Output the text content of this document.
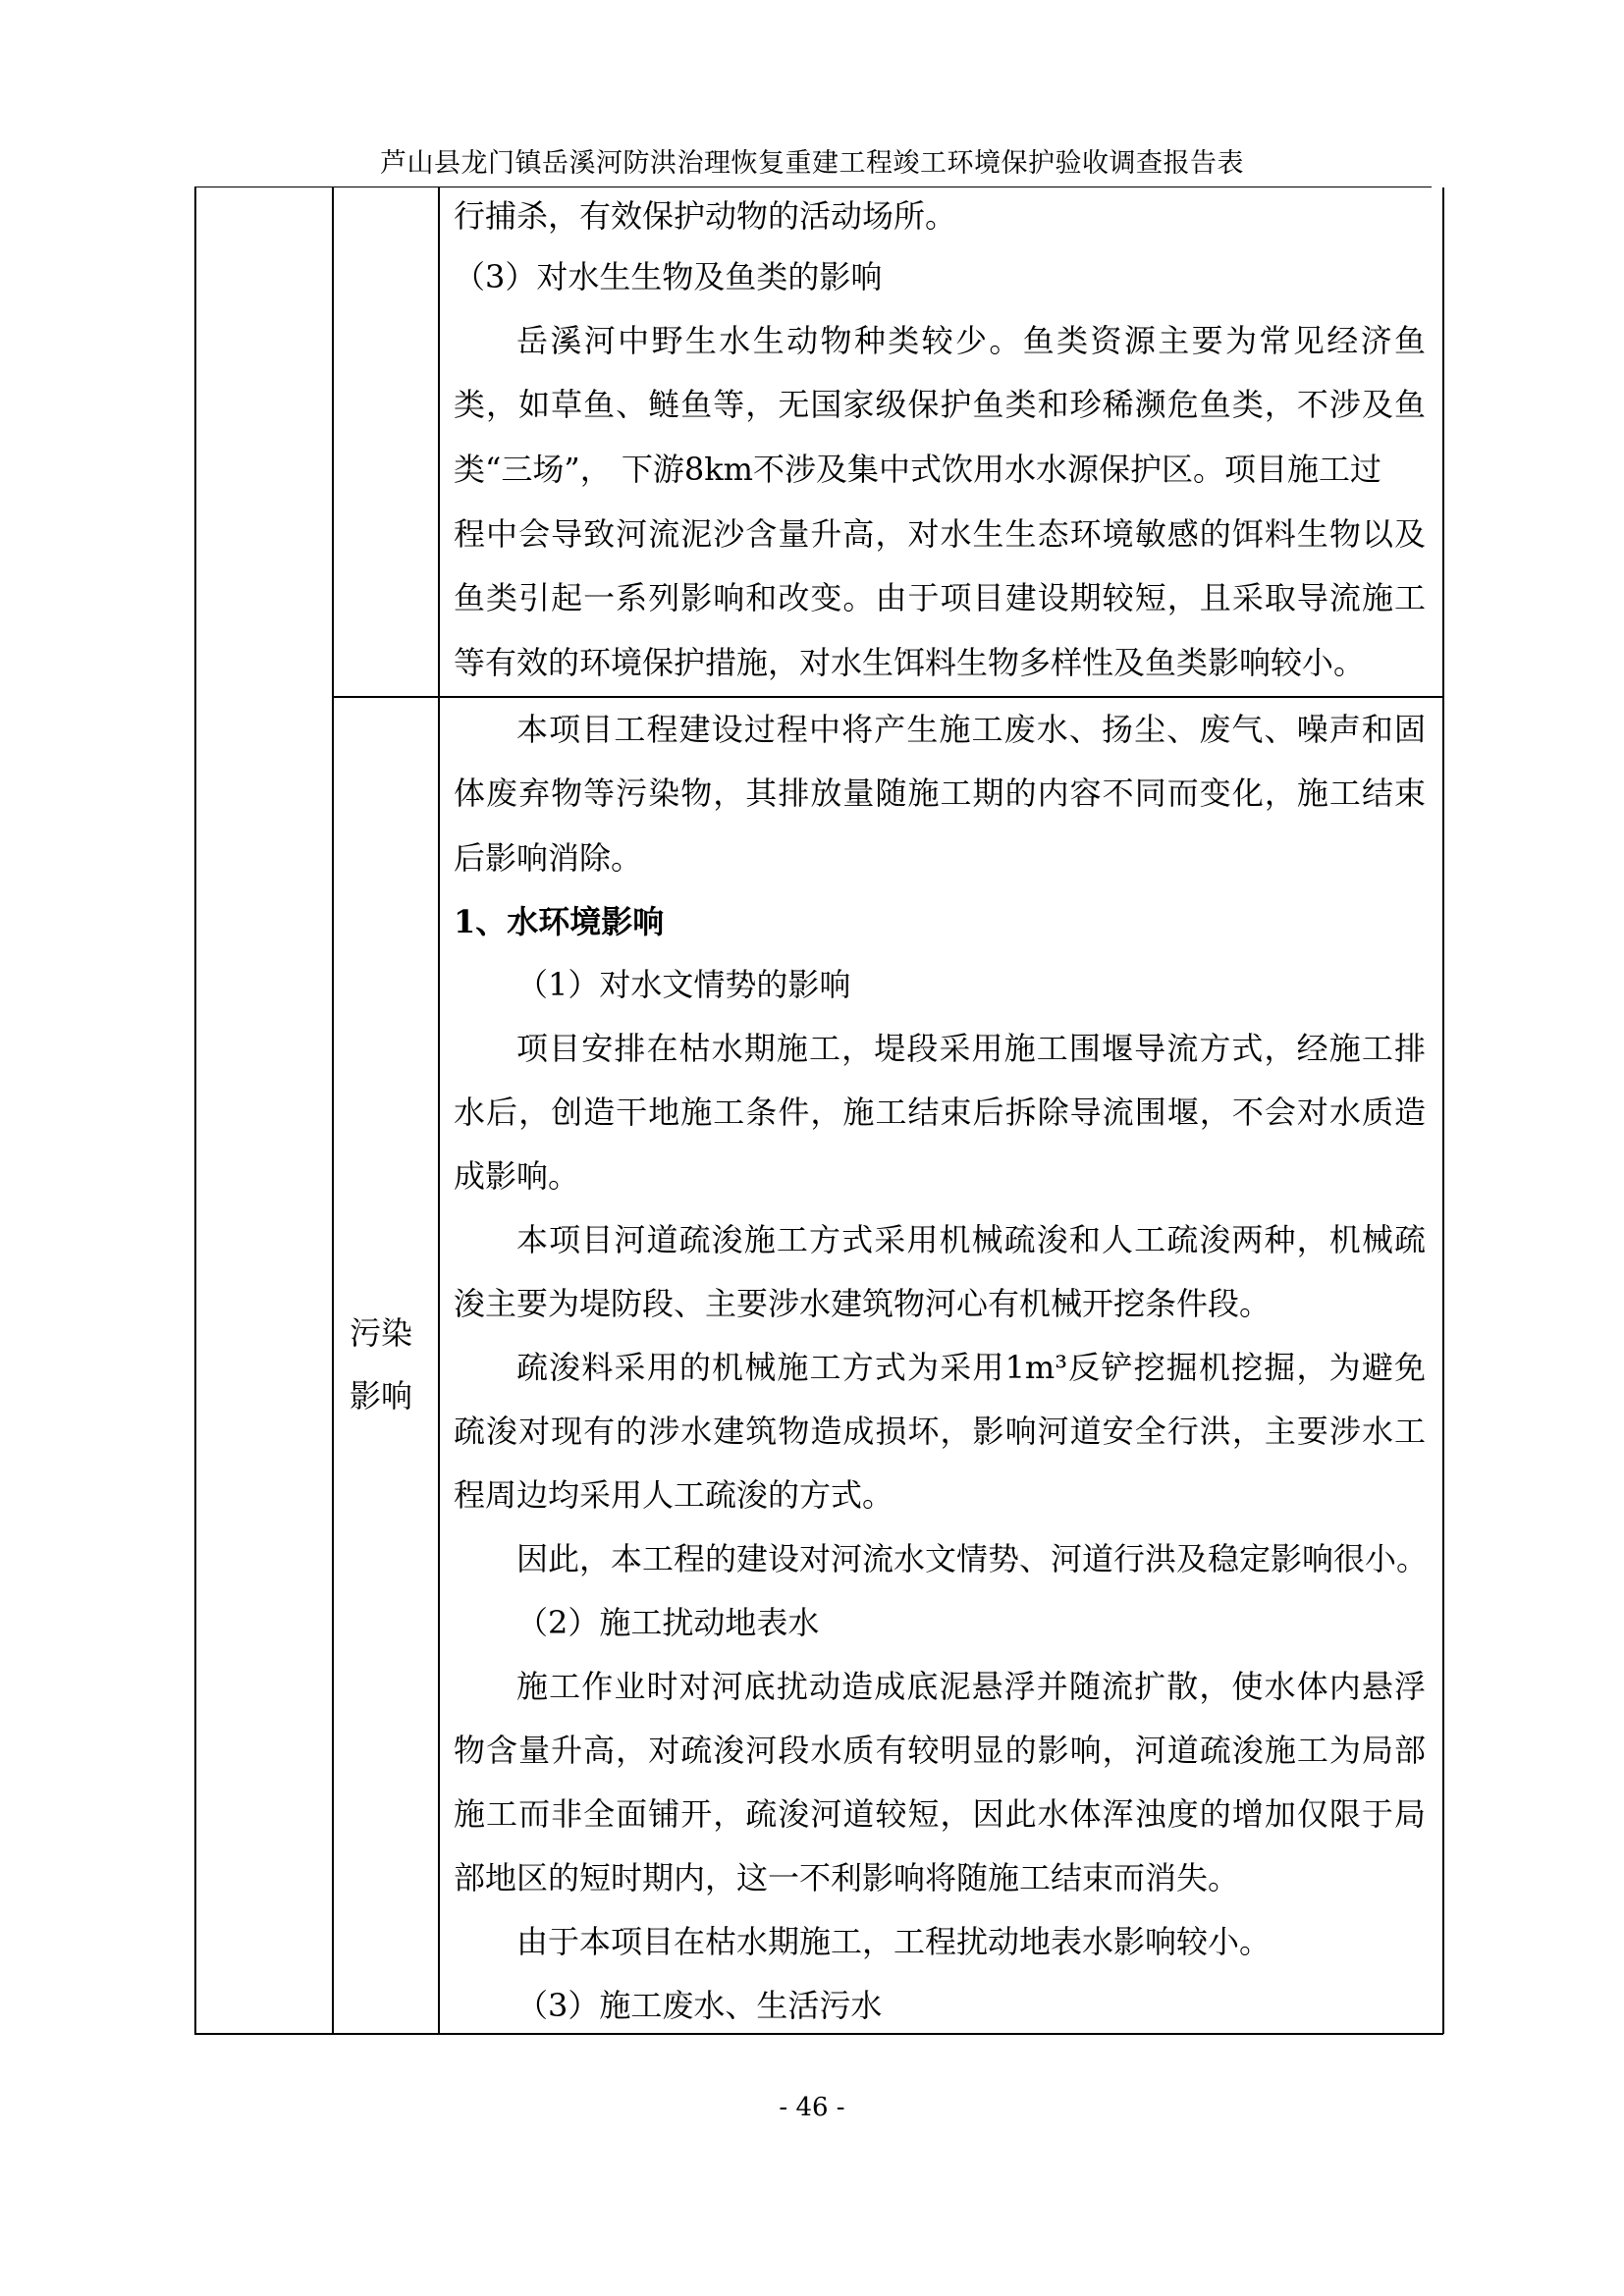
芦山县龙门镇岳溪河防洪治理恢复重建工程竣工环境保护验收调查报告表
行捕杀，有效保护动物的活动场所。
（3）对水生生物及鱼类的影响
岳溪河中野生水生动物种类较少。鱼类资源主要为常见经济鱼
类，如草鱼、鲢鱼等，无国家级保护鱼类和珍稀濒危鱼类，不涉及鱼
类“三场”， 下游8km不涉及集中式饮用水水源保护区。项目施工过
程中会导致河流泥沙含量升高，对水生生态环境敏感的饵料生物以及
鱼类引起一系列影响和改变。由于项目建设期较短，且采取导流施工
等有效的环境保护措施，对水生饵料生物多样性及鱼类影响较小。
污染
影响
本项目工程建设过程中将产生施工废水、扬尘、废气、噪声和固
体废弃物等污染物，其排放量随施工期的内容不同而变化，施工结束
后影响消除。
1、水环境影响
（1）对水文情势的影响
项目安排在枯水期施工，堤段采用施工围堰导流方式，经施工排
水后，创造干地施工条件，施工结束后拆除导流围堰，不会对水质造
成影响。
本项目河道疏浚施工方式采用机械疏浚和人工疏浚两种，机械疏
浚主要为堤防段、主要涉水建筑物河心有机械开挖条件段。
疏浚料采用的机械施工方式为采用1m³反铲挖掘机挖掘，为避免
疏浚对现有的涉水建筑物造成损坏，影响河道安全行洪，主要涉水工
程周边均采用人工疏浚的方式。
因此，本工程的建设对河流水文情势、河道行洪及稳定影响很小。
（2）施工扰动地表水
施工作业时对河底扰动造成底泥悬浮并随流扩散，使水体内悬浮
物含量升高，对疏浚河段水质有较明显的影响，河道疏浚施工为局部
施工而非全面铺开，疏浚河道较短，因此水体浑浊度的增加仅限于局
部地区的短时期内，这一不利影响将随施工结束而消失。
由于本项目在枯水期施工，工程扰动地表水影响较小。
（3）施工废水、生活污水
- 46 -
